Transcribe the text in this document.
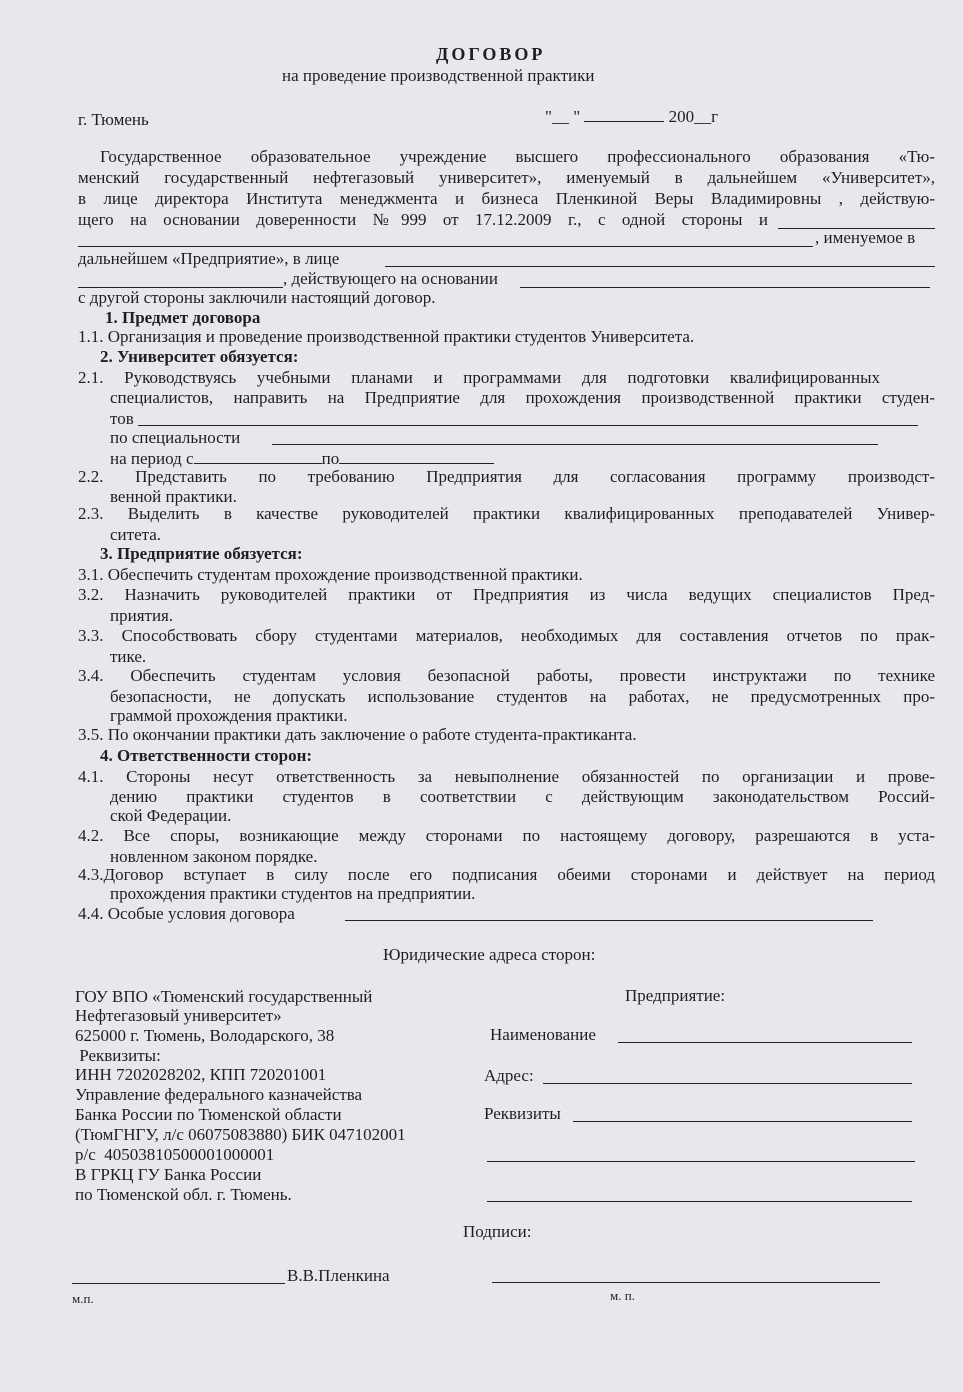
ДОГОВОР
на проведение производственной практики
г. Тюмень	"__ "	200__г
Государственное образовательное учреждение высшего профессионального образования «Тю-
менский государственный нефтегазовый университет», именуемый в дальнейшем «Университет»,
в лице директора Института менеджмента и бизнеса Пленкиной Веры Владимировны , действую-
щего на основании доверенности №999 от 17.12.2009 г., с одной стороны и
, именуемое в
дальнейшем «Предприятие», в лице
, действующего на основании
с другой стороны заключили настоящий договор.
1. Предмет договора
1.1. Организация и проведение производственной практики студентов Университета.
2. Университет обязуется:
2.1. Руководствуясь учебными планами и программами для подготовки квалифицированных
специалистов, направить на Предприятие для прохождения производственной практики студен-
тов
по специальности
на период с	по
2.2. Представить по требованию Предприятия для согласования программу производст-
венной практики.
2.3. Выделить в качестве руководителей практики квалифицированных преподавателей Универ-
ситета.
3. Предприятие обязуется:
3.1. Обеспечить студентам прохождение производственной практики.
3.2. Назначить руководителей практики от Предприятия из числа ведущих специалистов Пред-
приятия.
3.3. Способствовать сбору студентами материалов, необходимых для составления отчетов по прак-
тике.
3.4. Обеспечить студентам условия безопасной работы, провести инструктажи по технике
безопасности, не допускать использование студентов на работах, не предусмотренных про-
граммой прохождения практики.
3.5. По окончании практики дать заключение о работе студента-практиканта.
4. Ответственности сторон:
4.1. Стороны несут ответственность за невыполнение обязанностей по организации и прове-
дению практики студентов в соответствии с действующим законодательством Россий-
ской Федерации.
4.2. Все споры, возникающие между сторонами по настоящему договору, разрешаются в уста-
новленном законом порядке.
4.3.Договор вступает в силу после его подписания обеими сторонами и действует на период
прохождения практики студентов на предприятии.
4.4. Особые условия договора
Юридические адреса сторон:
ГОУ ВПО «Тюменский государственный
Нефтегазовый университет»
625000 г. Тюмень, Володарского, 38
Реквизиты:
ИНН 7202028202, КПП 720201001
Управление федерального казначейства
Банка России по Тюменской области
(ТюмГНГУ, л/с 06075083880) БИК 047102001
р/с  40503810500001000001
В ГРКЦ ГУ Банка России
по Тюменской обл. г. Тюмень.
Предприятие:
Наименование
Адрес:
Реквизиты
Подписи:
В.В.Пленкина
м.п.	м. п.
